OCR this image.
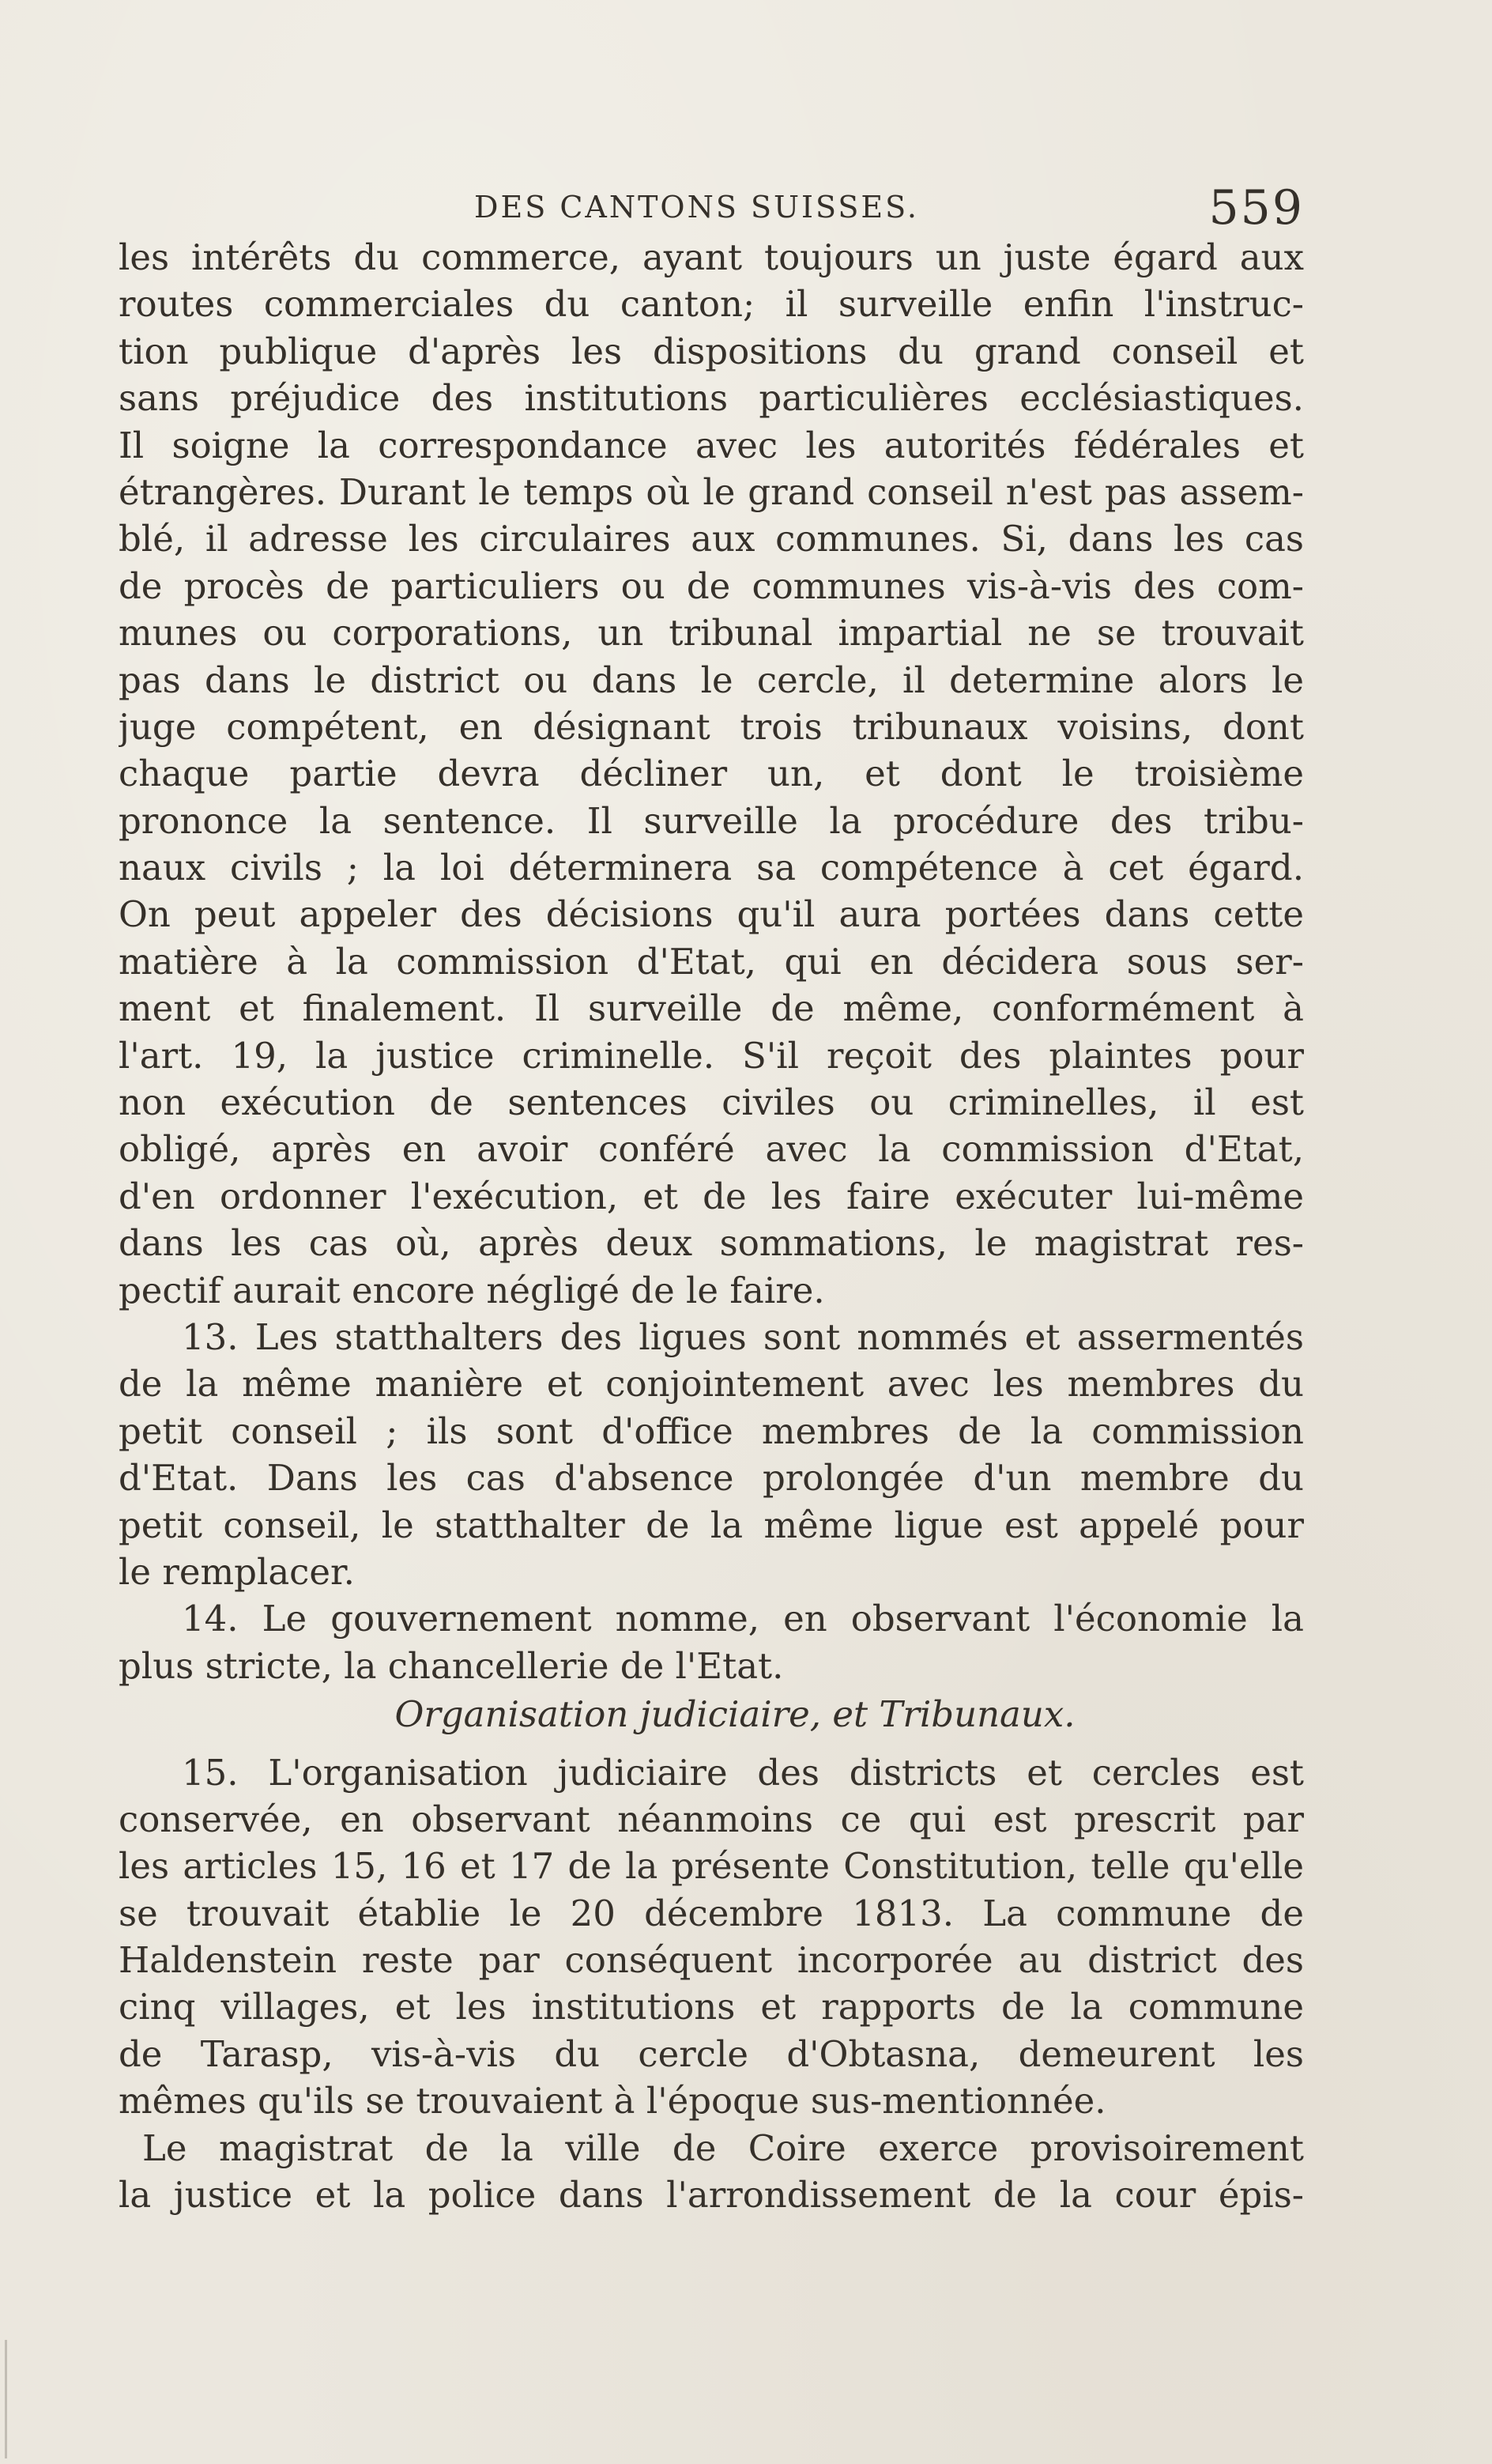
DES CANTONS SUISSES.	559
les intérêts du commerce, ayant toujours un juste égard aux
routes commerciales du canton; il surveille enfin l'instruc-
tion publique d'après les dispositions du grand conseil et
sans préjudice des institutions particulières ecclésiastiques.
Il soigne la correspondance avec les autorités fédérales et
étrangères. Durant le temps où le grand conseil n'est pas assem-
blé, il adresse les circulaires aux communes. Si, dans les cas
de procès de particuliers ou de communes vis-à-vis des com-
munes ou corporations, un tribunal impartial ne se trouvait
pas dans le district ou dans le cercle, il determine alors le
juge compétent, en désignant trois tribunaux voisins, dont
chaque partie devra décliner un, et dont le troisième
prononce la sentence. Il surveille la procédure des tribu-
naux civils ; la loi déterminera sa compétence à cet égard.
On peut appeler des décisions qu'il aura portées dans cette
matière à la commission d'Etat, qui en décidera sous ser-
ment et finalement. Il surveille de même, conformément à
l'art. 19, la justice criminelle. S'il reçoit des plaintes pour
non exécution de sentences civiles ou criminelles, il est
obligé, après en avoir conféré avec la commission d'Etat,
d'en ordonner l'exécution, et de les faire exécuter lui-même
dans les cas où, après deux sommations, le magistrat res-
pectif aurait encore négligé de le faire.
13. Les statthalters des ligues sont nommés et assermentés
de la même manière et conjointement avec les membres du
petit conseil ; ils sont d'office membres de la commission
d'Etat. Dans les cas d'absence prolongée d'un membre du
petit conseil, le statthalter de la même ligue est appelé pour
le remplacer.
14. Le gouvernement nomme, en observant l'économie la
plus stricte, la chancellerie de l'Etat.
Organisation judiciaire, et Tribunaux.
15. L'organisation judiciaire des districts et cercles est
conservée, en observant néanmoins ce qui est prescrit par
les articles 15, 16 et 17 de la présente Constitution, telle qu'elle
se trouvait établie le 20 décembre 1813. La commune de
Haldenstein reste par conséquent incorporée au district des
cinq villages, et les institutions et rapports de la commune
de Tarasp, vis-à-vis du cercle d'Obtasna, demeurent les
mêmes qu'ils se trouvaient à l'époque sus-mentionnée.
Le magistrat de la ville de Coire exerce provisoirement
la justice et la police dans l'arrondissement de la cour épis-
